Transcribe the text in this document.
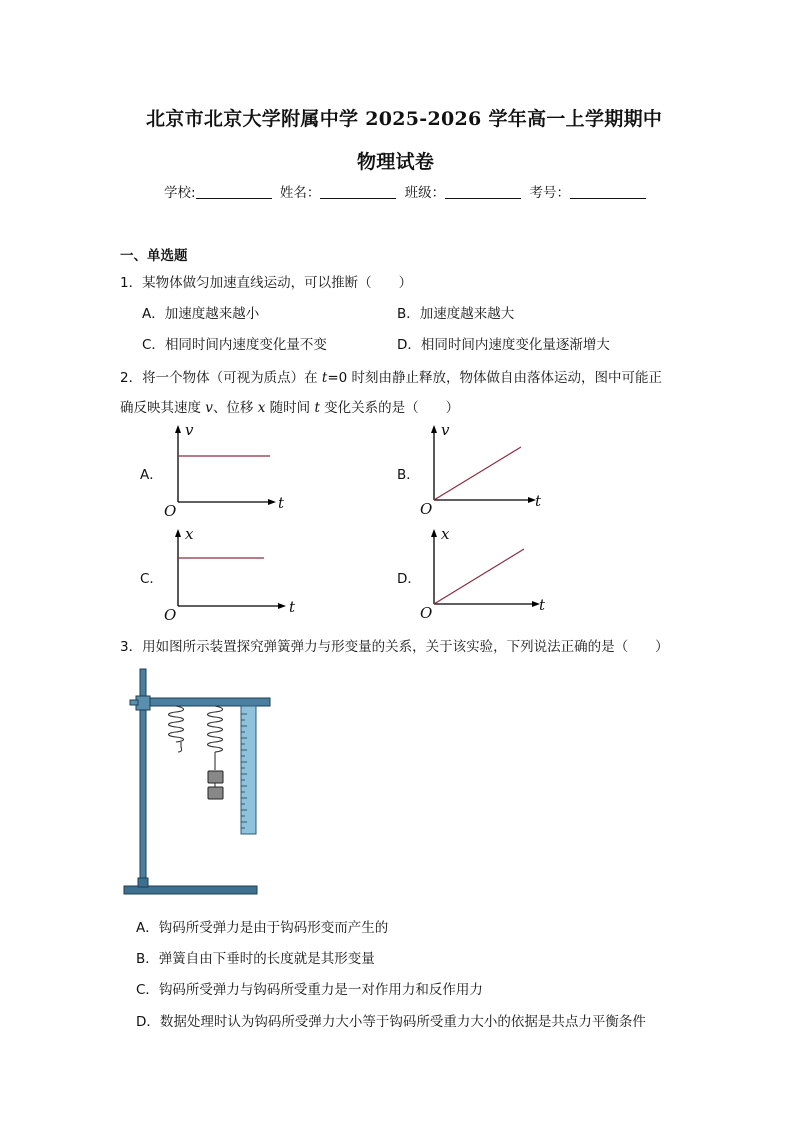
北京市北京大学附属中学 2025-2026 学年高一上学期期中
物理试卷
学校:	姓名：	班级：	考号：
一、单选题
1．某物体做匀加速直线运动，可以推断（　　）
A．加速度越来越小	B．加速度越来越大
C．相同时间内速度变化量不变	D．相同时间内速度变化量逐渐增大
2．将一个物体（可视为质点）在 t=0 时刻由静止释放，物体做自由落体运动，图中可能正
确反映其速度 v、位移 x 随时间 t 变化关系的是（　　）
A．	B．
C．	D．
v
t
O
v
t
O
x
t
O
x
t
O
3．用如图所示装置探究弹簧弹力与形变量的关系，关于该实验，下列说法正确的是（　　）
A．钩码所受弹力是由于钩码形变而产生的
B．弹簧自由下垂时的长度就是其形变量
C．钩码所受弹力与钩码所受重力是一对作用力和反作用力
D．数据处理时认为钩码所受弹力大小等于钩码所受重力大小的依据是共点力平衡条件
